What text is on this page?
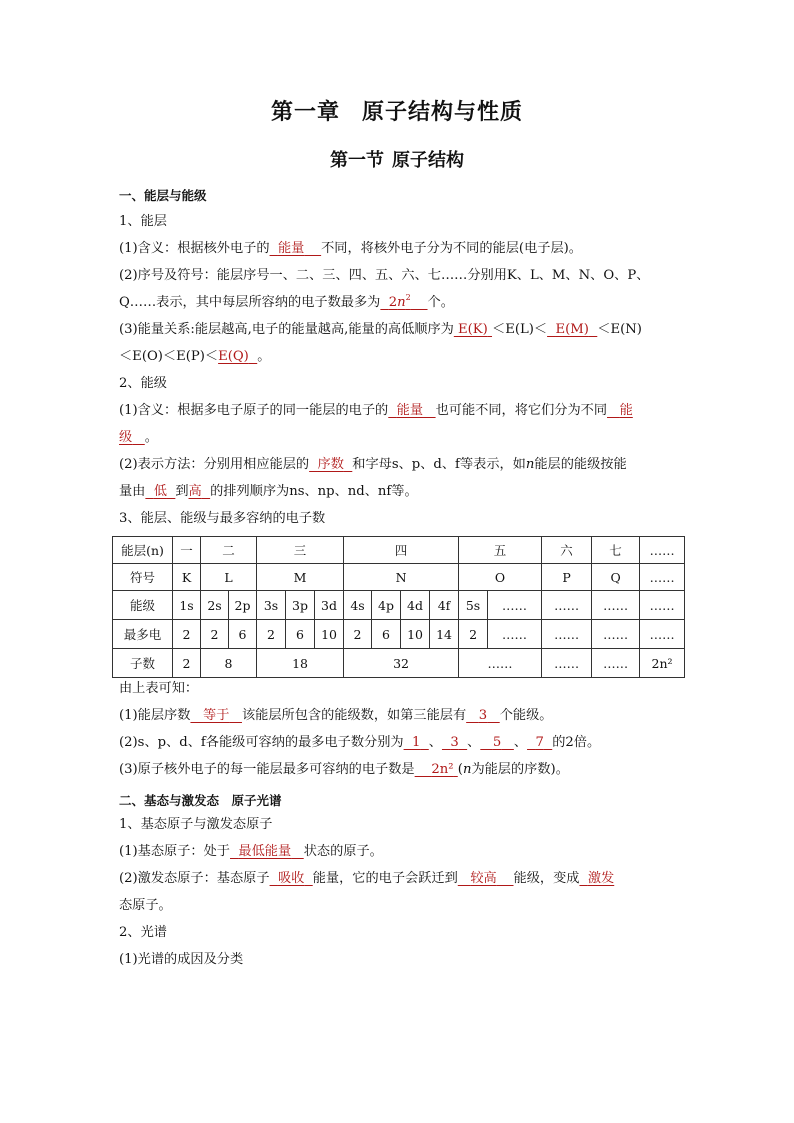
第一章 原子结构与性质
第一节 原子结构
一、能层与能级
1、能层
(1)含义：根据核外电子的 能量 不同，将核外电子分为不同的能层(电子层)。
(2)序号及符号：能层序号一、二、三、四、五、六、七……分别用K、L、M、N、O、P、
Q……表示，其中每层所容纳的电子数最多为 $2n^2$ 个。
(3)能量关系:能层越高,电子的能量越高,能量的高低顺序为 E(K) ＜E(L)＜ E(M) ＜E(N)
＜E(O)＜E(P)＜E(Q) 。
2、能级
(1)含义：根据多电子原子的同一能层的电子的 能量 也可能不同，将它们分为不同 能
级 。
(2)表示方法：分别用相应能层的 序数 和字母s、p、d、f等表示，如n能层的能级按能
量由 低 到高 的排列顺序为ns、np、nd、nf等。
3、能层、能级与最多容纳的电子数
能层(n)	一	二		三			四				五		六	七	……
符号	K	L		M			N				O		P	Q	……
能级	1s	2s	2p	3s	3p	3d	4s	4p	4d	4f	5s	……	……	……	……
最多电	2	2	6	2	6	10	2	6	10	14	2	……	……	……	……
子数	2	8		18			32				……		……	……	2n²
由上表可知：
(1)能层序数 等于 该能层所包含的能级数，如第三能层有 3 个能级。
(2)s、p、d、f各能级可容纳的最多电子数分别为 1 、 3 、 5 、 7 的2倍。
(3)原子核外电子的每一能层最多可容纳的电子数是 2n² (n为能层的序数)。
二、基态与激发态　原子光谱
1、基态原子与激发态原子
(1)基态原子：处于 最低能量 状态的原子。
(2)激发态原子：基态原子 吸收 能量，它的电子会跃迁到 较高 能级，变成 激发
态原子。
2、光谱
(1)光谱的成因及分类
